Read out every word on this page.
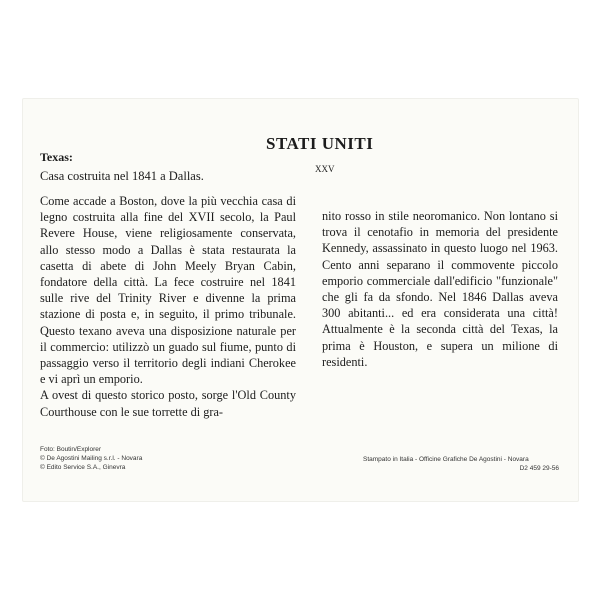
STATI UNITI
XXV
Texas:
Casa costruita nel 1841 a Dallas.

Come accade a Boston, dove la più vecchia casa di legno costruita alla fine del XVII secolo, la Paul Revere House, viene religiosamente conservata, allo stesso modo a Dallas è stata restaurata la casetta di abete di John Meely Bryan Cabin, fondatore della città. La fece costruire nel 1841 sulle rive del Trinity River e divenne la prima stazione di posta e, in seguito, il primo tribunale. Questo texano aveva una disposizione naturale per il commercio: utilizzò un guado sul fiume, punto di passaggio verso il territorio degli indiani Cherokee e vi aprì un emporio.

A ovest di questo storico posto, sorge l'Old County Courthouse con le sue torrette di gra-

nito rosso in stile neoromanico. Non lontano si trova il cenotafio in memoria del presidente Kennedy, assassinato in questo luogo nel 1963. Cento anni separano il commovente piccolo emporio commerciale dall'edificio "funzionale" che gli fa da sfondo. Nel 1846 Dallas aveva 300 abitanti... ed era considerata una città! Attualmente è la seconda città del Texas, la prima è Houston, e supera un milione di residenti.

Foto: Boutin/Explorer
© De Agostini Mailing s.r.l. - Novara
© Edito Service S.A., Ginevra
Stampato in Italia - Officine Grafiche De Agostini - Novara
D2 459 29-56
